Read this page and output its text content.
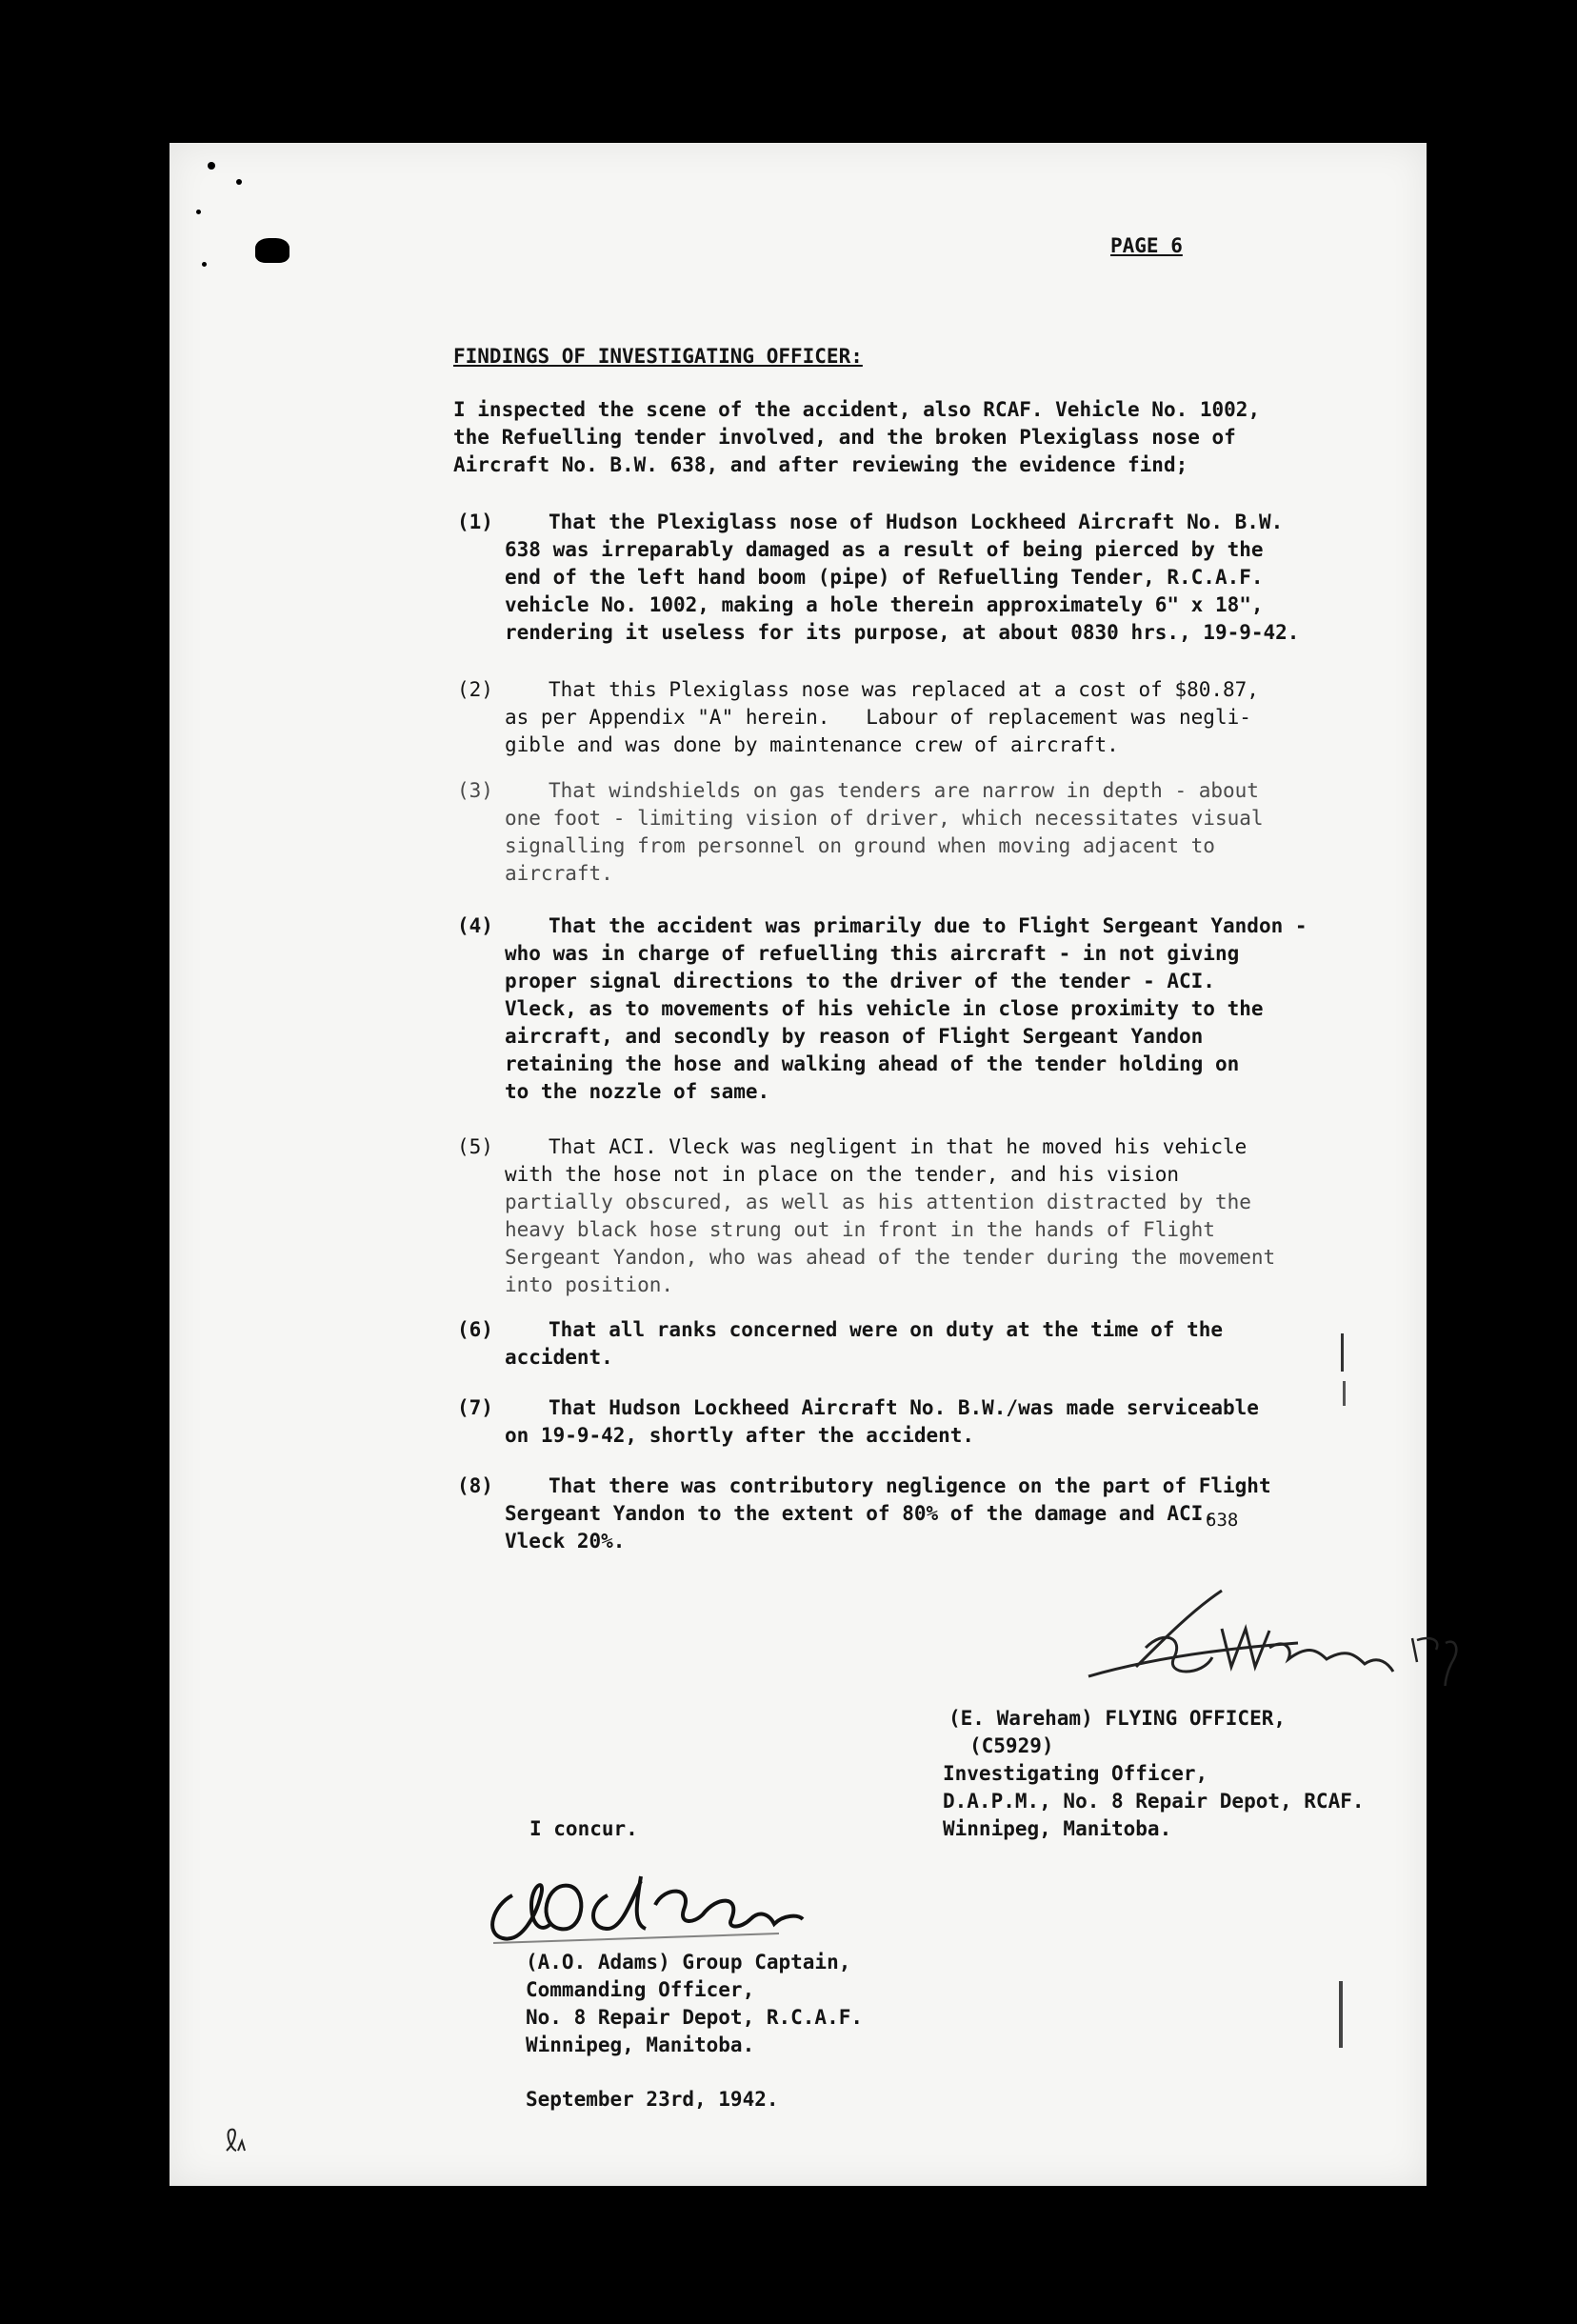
PAGE 6
FINDINGS OF INVESTIGATING OFFICER:
I inspected the scene of the accident, also RCAF. Vehicle No. 1002,
the Refuelling tender involved, and the broken Plexiglass nose of
Aircraft No. B.W. 638, and after reviewing the evidence find;
(1)	That the Plexiglass nose of Hudson Lockheed Aircraft No. B.W.
638 was irreparably damaged as a result of being pierced by the
end of the left hand boom (pipe) of Refuelling Tender, R.C.A.F.
vehicle No. 1002, making a hole therein approximately 6" x 18",
rendering it useless for its purpose, at about 0830 hrs., 19-9-42.
(2)	That this Plexiglass nose was replaced at a cost of $80.87,
as per Appendix "A" herein.   Labour of replacement was negli-
gible and was done by maintenance crew of aircraft.
(3)	That windshields on gas tenders are narrow in depth - about
one foot - limiting vision of driver, which necessitates visual
signalling from personnel on ground when moving adjacent to
aircraft.
(4)	That the accident was primarily due to Flight Sergeant Yandon -
who was in charge of refuelling this aircraft - in not giving
proper signal directions to the driver of the tender - ACI.
Vleck, as to movements of his vehicle in close proximity to the
aircraft, and secondly by reason of Flight Sergeant Yandon
retaining the hose and walking ahead of the tender holding on
to the nozzle of same.
(5)	That ACI. Vleck was negligent in that he moved his vehicle
with the hose not in place on the tender, and his vision
partially obscured, as well as his attention distracted by the
heavy black hose strung out in front in the hands of Flight
Sergeant Yandon, who was ahead of the tender during the movement
into position.
(6)	That all ranks concerned were on duty at the time of the
accident.
638
(7)	That Hudson Lockheed Aircraft No. B.W./was made serviceable
on 19-9-42, shortly after the accident.
(8)	That there was contributory negligence on the part of Flight
Sergeant Yandon to the extent of 80% of the damage and ACI.
Vleck 20%.
(E. Wareham) FLYING OFFICER,
(C5929)
Investigating Officer,
D.A.P.M., No. 8 Repair Depot, RCAF.
Winnipeg, Manitoba.
I concur.
(A.O. Adams) Group Captain,
Commanding Officer,
No. 8 Repair Depot, R.C.A.F.
Winnipeg, Manitoba.
September 23rd, 1942.
